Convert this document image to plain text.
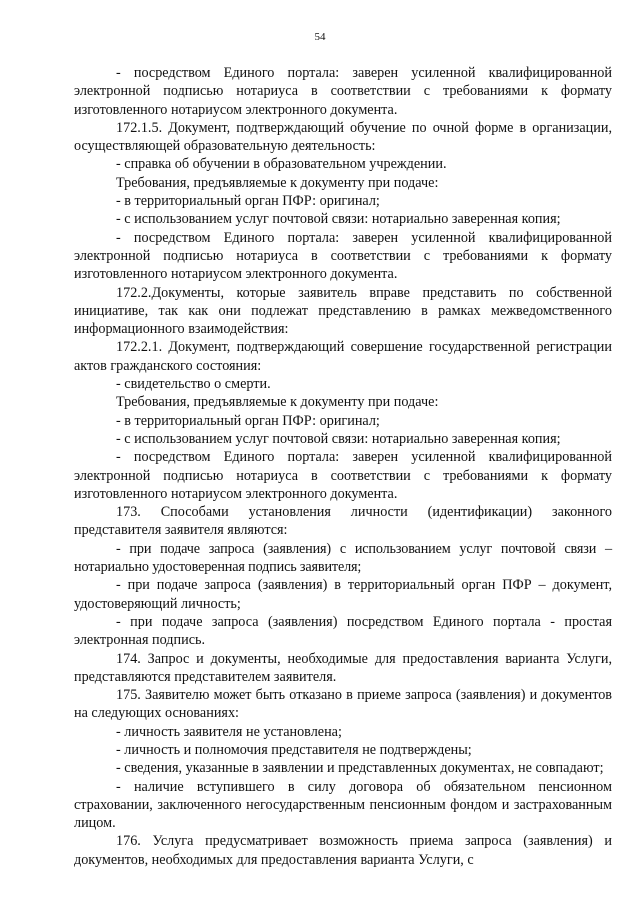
54

- посредством Единого портала: заверен усиленной квалифицированной электронной подписью нотариуса в соответствии с требованиями к формату изготовленного нотариусом электронного документа.

172.1.5. Документ, подтверждающий обучение по очной форме в организации, осуществляющей образовательную деятельность:

- справка об обучении в образовательном учреждении.

Требования, предъявляемые к документу при подаче:

- в территориальный орган ПФР: оригинал;

- с использованием услуг почтовой связи: нотариально заверенная копия;

- посредством Единого портала: заверен усиленной квалифицированной электронной подписью нотариуса в соответствии с требованиями к формату изготовленного нотариусом электронного документа.

172.2.Документы, которые заявитель вправе представить по собственной инициативе, так как они подлежат представлению в рамках межведомственного информационного взаимодействия:

172.2.1. Документ, подтверждающий совершение государственной регистрации актов гражданского состояния:

- свидетельство о смерти.

Требования, предъявляемые к документу при подаче:

- в территориальный орган ПФР: оригинал;

- с использованием услуг почтовой связи: нотариально заверенная копия;

- посредством Единого портала: заверен усиленной квалифицированной электронной подписью нотариуса в соответствии с требованиями к формату изготовленного нотариусом электронного документа.

173. Способами установления личности (идентификации) законного представителя заявителя являются:

- при подаче запроса (заявления) с использованием услуг почтовой связи – нотариально удостоверенная подпись заявителя;

- при подаче запроса (заявления) в территориальный орган ПФР – документ, удостоверяющий личность;

- при подаче запроса (заявления) посредством Единого портала - простая электронная подпись.

174. Запрос и документы, необходимые для предоставления варианта Услуги, представляются представителем заявителя.

175. Заявителю может быть отказано в приеме запроса (заявления) и документов на следующих основаниях:

- личность заявителя не установлена;

- личность и полномочия представителя не подтверждены;

- сведения, указанные в заявлении и представленных документах, не совпадают;

- наличие вступившего в силу договора об обязательном пенсионном страховании, заключенного негосударственным пенсионным фондом и застрахованным лицом.

176. Услуга предусматривает возможность приема запроса (заявления) и документов, необходимых для предоставления варианта Услуги, с
